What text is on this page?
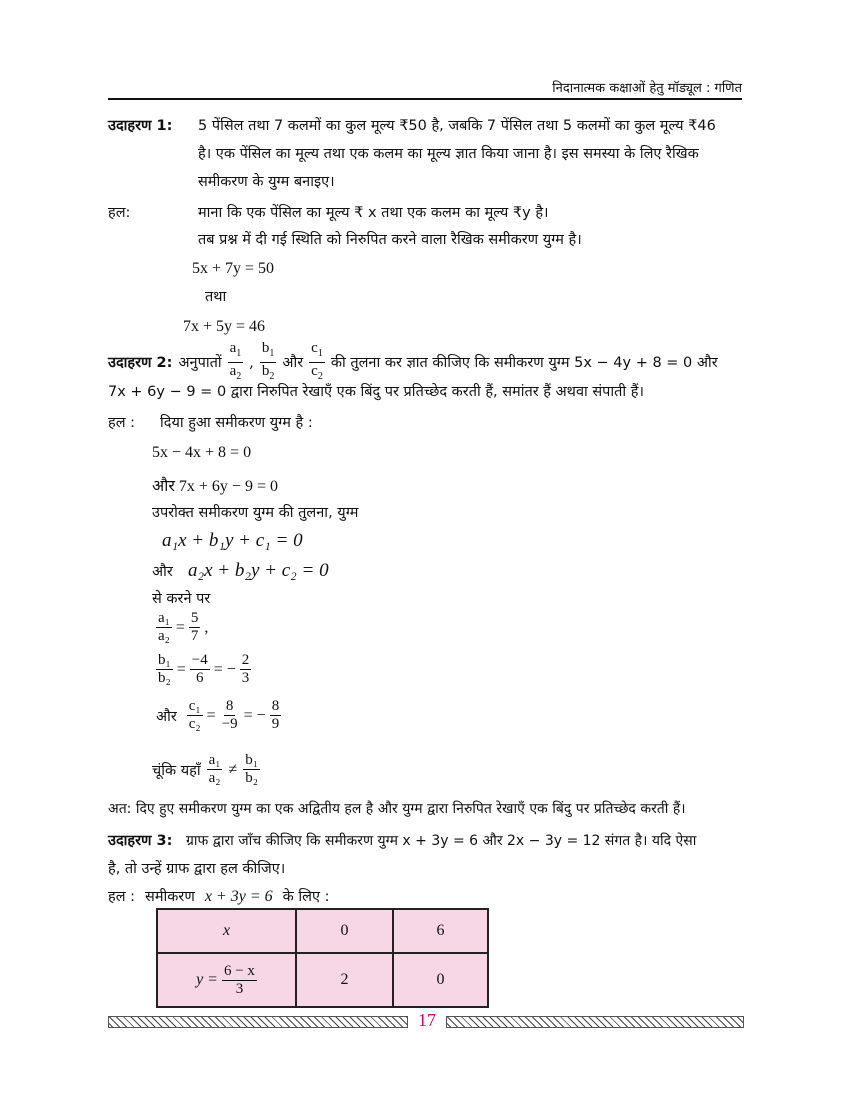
निदानात्मक कक्षाओं हेतु मॉड्यूल : गणित
उदाहरण 1: 5 पेंसिल तथा 7 कलमों का कुल मूल्य ₹50 है, जबकि 7 पेंसिल तथा 5 कलमों का कुल मूल्य ₹46
है। एक पेंसिल का मूल्य तथा एक कलम का मूल्य ज्ञात किया जाना है। इस समस्या के लिए रैखिक
समीकरण के युग्म बनाइए।
हल:	माना कि एक पेंसिल का मूल्य ₹ x तथा एक कलम का मूल्य ₹y है।
तब प्रश्न में दी गई स्थिति को निरुपित करने वाला रैखिक समीकरण युग्म है।
5x + 7y = 50
तथा
7x + 5y = 46
उदाहरण 2: अनुपातों $\frac{a_1}{a_2}$ , $\frac{b_1}{b_2}$ और $\frac{c_1}{c_2}$ की तुलना कर ज्ञात कीजिए कि समीकरण युग्म 5x − 4y + 8 = 0 और
7x + 6y − 9 = 0 द्वारा निरुपित रेखाएँ एक बिंदु पर प्रतिच्छेद करती हैं, समांतर हैं अथवा संपाती हैं।
हल : दिया हुआ समीकरण युग्म है :
5x − 4x + 8 = 0
और 7x + 6y − 9 = 0
उपरोक्त समीकरण युग्म की तुलना, युग्म
a₁x + b₁y + c₁ = 0
और a₂x + b₂y + c₂ = 0
से करने पर
$\frac{\text{a₁}}{\text{a₂}} = \frac{5}{7}$ ,
$\frac{\text{b₁}}{\text{b₂}} = \frac{-4}{6}$ = − $\frac{2}{3}$
और $\frac{\text{c₁}}{\text{c₂}} = \frac{8}{-9}$ = − $\frac{8}{9}$
चूंकि यहाँ $\frac{\text{a₁}}{\text{a₂}} \ne \frac{\text{b₁}}{\text{b₂}}$
अत: दिए हुए समीकरण युग्म का एक अद्वितीय हल है और युग्म द्वारा निरुपित रेखाएँ एक बिंदु पर प्रतिच्छेद करती हैं।
उदाहरण 3: ग्राफ द्वारा जाँच कीजिए कि समीकरण युग्म x + 3y = 6 और 2x − 3y = 12 संगत है। यदि ऐसा
है, तो उन्हें ग्राफ द्वारा हल कीजिए।
हल : समीकरण x + 3y = 6 के लिए :
x	0	6

$y = \frac{6 - x}{3}$	2	0
17
